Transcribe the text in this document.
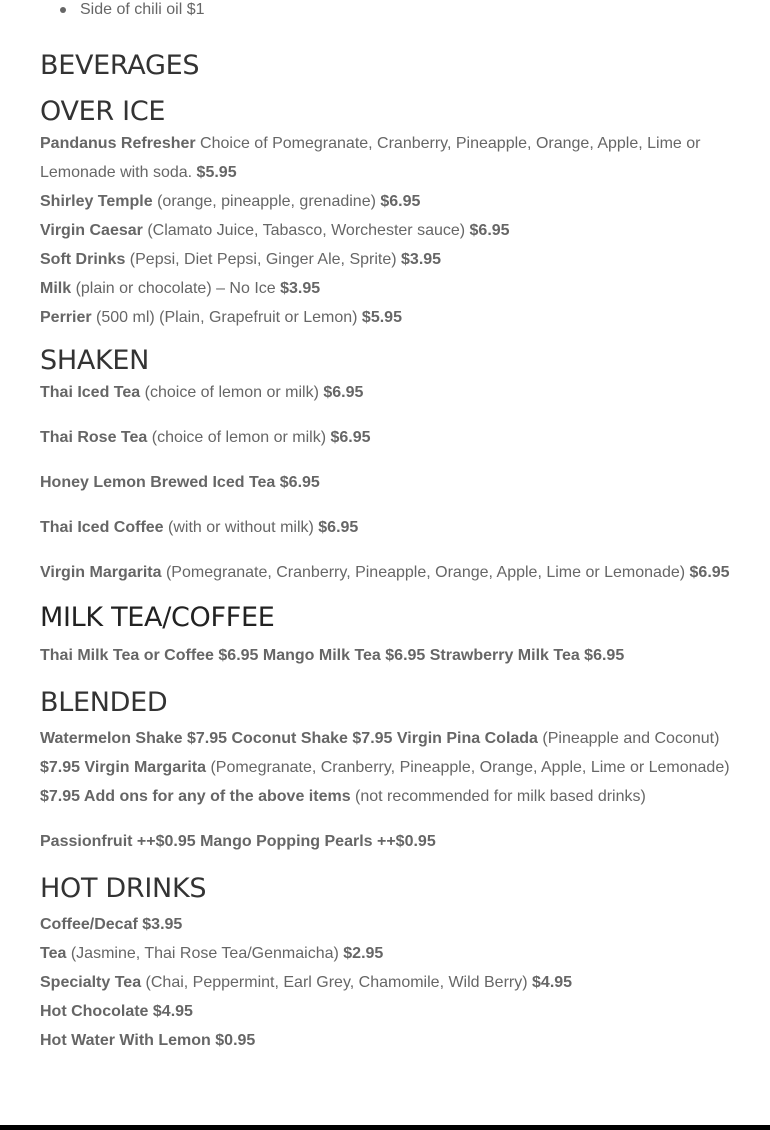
Side of chili oil $1
BEVERAGES
OVER ICE

Pandanus Refresher Choice of Pomegranate, Cranberry, Pineapple, Orange, Apple, Lime or Lemonade with soda. $5.95

Shirley Temple (orange, pineapple, grenadine) $6.95

Virgin Caesar (Clamato Juice, Tabasco, Worchester sauce) $6.95

Soft Drinks (Pepsi, Diet Pepsi, Ginger Ale, Sprite) $3.95

Milk (plain or chocolate) – No Ice $3.95

Perrier (500 ml) (Plain, Grapefruit or Lemon) $5.95

SHAKEN

Thai Iced Tea (choice of lemon or milk) $6.95

Thai Rose Tea (choice of lemon or milk) $6.95

Honey Lemon Brewed Iced Tea $6.95

Thai Iced Coffee (with or without milk) $6.95

Virgin Margarita (Pomegranate, Cranberry, Pineapple, Orange, Apple, Lime or Lemonade) $6.95

MILK TEA/COFFEE

Thai Milk Tea or Coffee $6.95 Mango Milk Tea $6.95 Strawberry Milk Tea $6.95

BLENDED

Watermelon Shake $7.95 Coconut Shake $7.95 Virgin Pina Colada (Pineapple and Coconut) $7.95 Virgin Margarita (Pomegranate, Cranberry, Pineapple, Orange, Apple, Lime or Lemonade) $7.95 Add ons for any of the above items (not recommended for milk based drinks)

Passionfruit ++$0.95 Mango Popping Pearls ++$0.95

HOT DRINKS

Coffee/Decaf $3.95

Tea (Jasmine, Thai Rose Tea/Genmaicha) $2.95

Specialty Tea (Chai, Peppermint, Earl Grey, Chamomile, Wild Berry) $4.95

Hot Chocolate $4.95

Hot Water With Lemon $0.95
